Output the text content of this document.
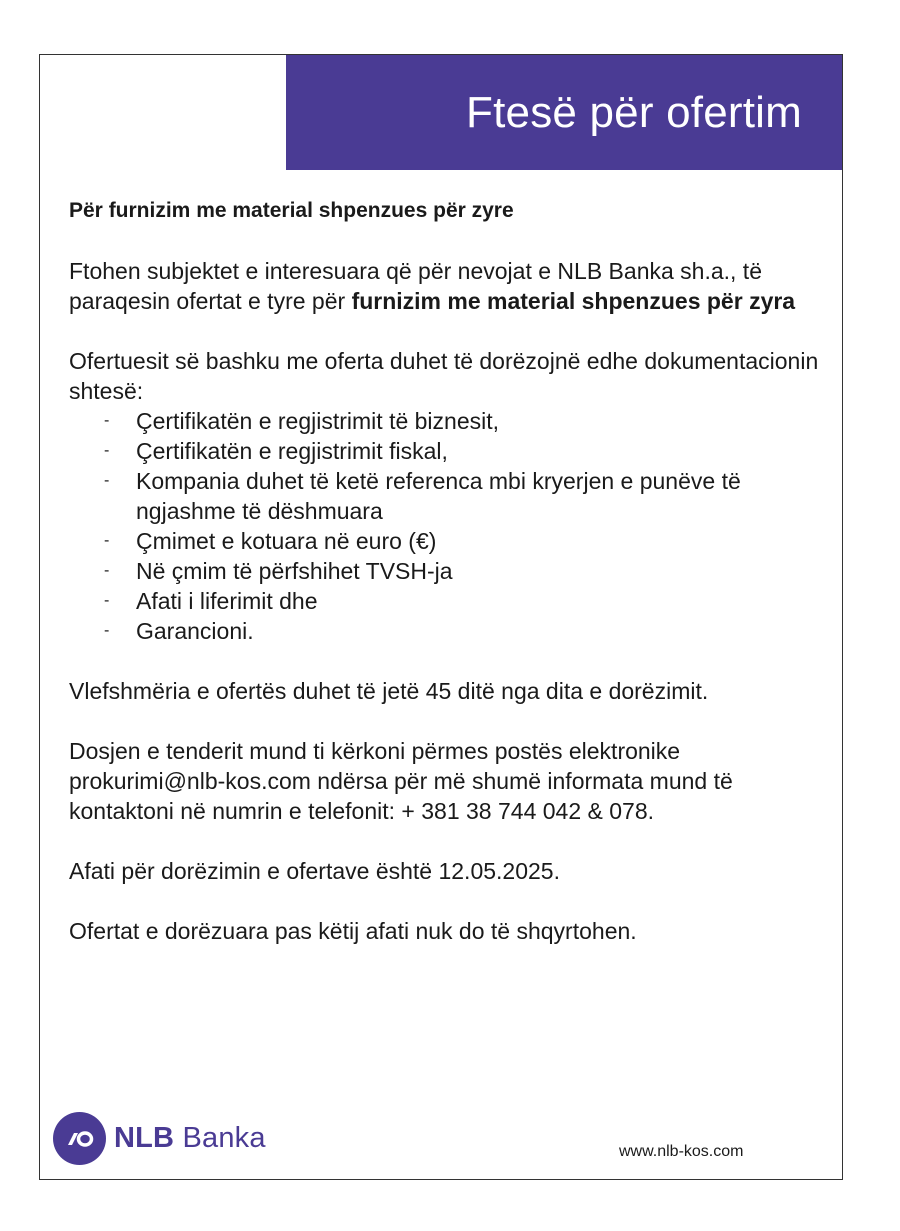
Ftesë për ofertim

Për furnizim me material shpenzues për zyre

Ftohen subjektet e interesuara që për nevojat e NLB Banka sh.a., të paraqesin ofertat e tyre për furnizim me material shpenzues për zyra

Ofertuesit së bashku me oferta duhet të dorëzojnë edhe dokumentacionin shtesë:

- Çertifikatën e regjistrimit të biznesit,
- Çertifikatën e regjistrimit fiskal,
- Kompania duhet të ketë referenca mbi kryerjen e punëve të ngjashme të dëshmuara
- Çmimet e kotuara në euro (€)
- Në çmim të përfshihet TVSH-ja
- Afati i liferimit dhe
- Garancioni.

Vlefshmëria e ofertës duhet të jetë 45 ditë nga dita e dorëzimit.

Dosjen e tenderit mund ti kërkoni përmes postës elektronike prokurimi@nlb-kos.com ndërsa për më shumë informata mund të kontaktoni në numrin e telefonit: + 381 38 744 042 & 078.

Afati për dorëzimin e ofertave është 12.05.2025.

Ofertat e dorëzuara pas këtij afati nuk do të shqyrtohen.

NLB Banka	www.nlb-kos.com
